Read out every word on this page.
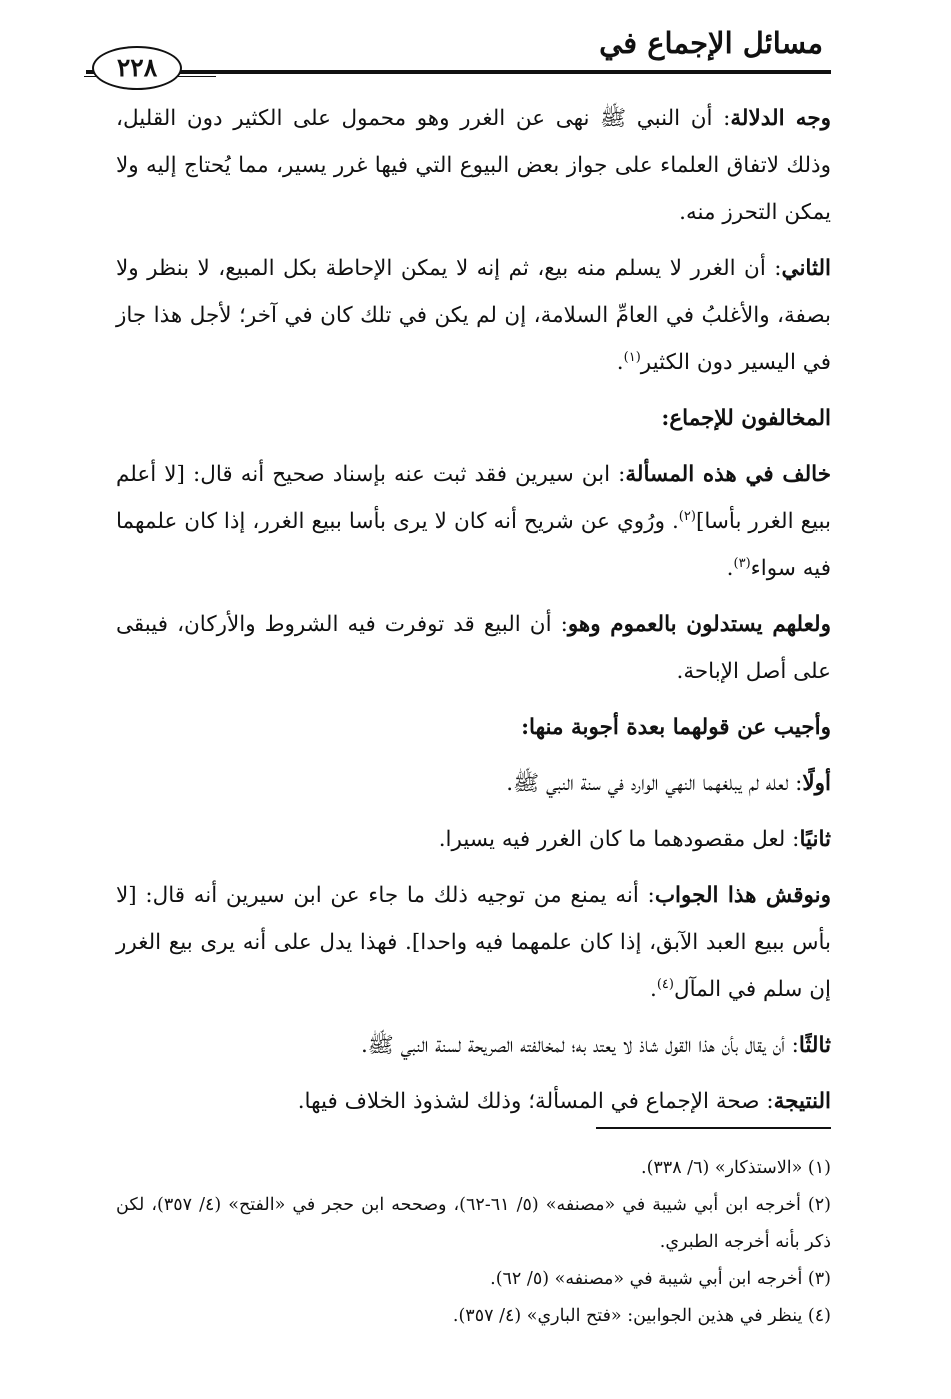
مسائل الإجماع في
٢٢٨

وجه الدلالة: أن النبي ﷺ نهى عن الغرر وهو محمول على الكثير دون القليل، وذلك لاتفاق العلماء على جواز بعض البيوع التي فيها غرر يسير، مما يُحتاج إليه ولا يمكن التحرز منه.

الثاني: أن الغرر لا يسلم منه بيع، ثم إنه لا يمكن الإحاطة بكل المبيع، لا بنظر ولا بصفة، والأغلبُ في العامِّ السلامة، إن لم يكن في تلك كان في آخر؛ لأجل هذا جاز في اليسير دون الكثير$^{(١)}$.

المخالفون للإجماع:

خالف في هذه المسألة: ابن سيرين فقد ثبت عنه بإسناد صحيح أنه قال: [لا أعلم ببيع الغرر بأسا]$^{(٢)}$. ورُوي عن شريح أنه كان لا يرى بأسا ببيع الغرر، إذا كان علمهما فيه سواء$^{(٣)}$.

ولعلهم يستدلون بالعموم وهو: أن البيع قد توفرت فيه الشروط والأركان، فيبقى على أصل الإباحة.

وأجيب عن قولهما بعدة أجوبة منها:

أولًا: لعله لم يبلغهما النهي الوارد في سنة النبي ﷺ.

ثانيًا: لعل مقصودهما ما كان الغرر فيه يسيرا.

ونوقش هذا الجواب: أنه يمنع من توجيه ذلك ما جاء عن ابن سيرين أنه قال: [لا بأس ببيع العبد الآبق، إذا كان علمهما فيه واحدا]. فهذا يدل على أنه يرى بيع الغرر إن سلم في المآل$^{(٤)}$.

ثالثًا: أن يقال بأن هذا القول شاذ لا يعتد به؛ لمخالفته الصريحة لسنة النبي ﷺ.

النتيجة: صحة الإجماع في المسألة؛ وذلك لشذوذ الخلاف فيها.

(١) «الاستذكار» (٦/ ٣٣٨).

(٢) أخرجه ابن أبي شيبة في «مصنفه» (٥/ ٦١-٦٢)، وصححه ابن حجر في «الفتح» (٤/ ٣٥٧)، لكن ذكر بأنه أخرجه الطبري.

(٣) أخرجه ابن أبي شيبة في «مصنفه» (٥/ ٦٢).

(٤) ينظر في هذين الجوابين: «فتح الباري» (٤/ ٣٥٧).
